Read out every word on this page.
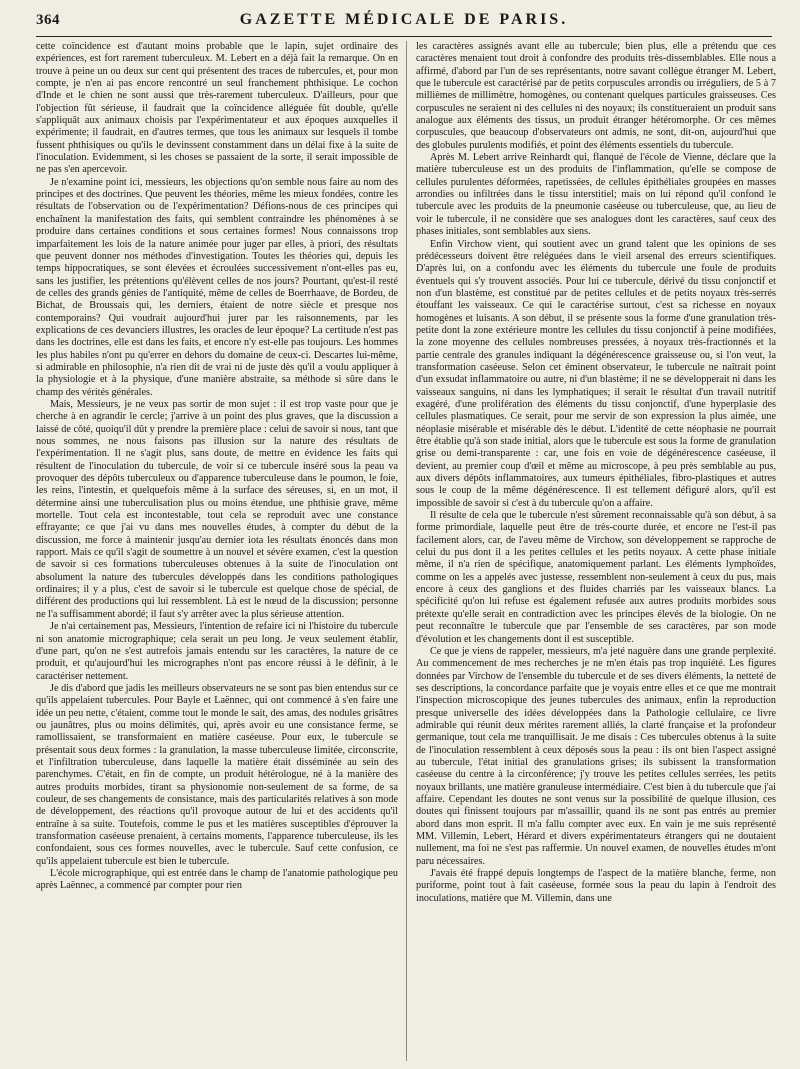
364	GAZETTE MÉDICALE DE PARIS.

cette coïncidence est d'autant moins probable que le lapin, sujet ordinaire des expériences, est fort rarement tuberculeux. M. Lebert en a déjà fait la remarque. On en trouve à peine un ou deux sur cent qui présentent des traces de tubercules, et, pour mon compte, je n'en ai pas encore rencontré un seul franchement phthisique. Le cochon d'Inde et le chien ne sont aussi que très-rarement tuberculeux. D'ailleurs, pour que l'objection fût sérieuse, il faudrait que la coïncidence alléguée fût double, qu'elle s'appliquât aux animaux choisis par l'expérimentateur et aux époques auxquelles il expérimente; il faudrait, en d'autres termes, que tous les animaux sur lesquels il tombe fussent phthisiques ou qu'ils le devinssent constamment dans un délai fixe à la suite de l'inoculation. Evidemment, si les choses se passaient de la sorte, il serait impossible de ne pas s'en apercevoir.

Je n'examine point ici, messieurs, les objections qu'on semble nous faire au nom des principes et des doctrines. Que peuvent les théories, même les mieux fondées, contre les résultats de l'observation ou de l'expérimentation? Défions-nous de ces principes qui enchaînent la manifestation des faits, qui semblent contraindre les phénomènes à se produire dans certaines conditions et sous certaines formes! Nous connaissons trop imparfaitement les lois de la nature animée pour juger par elles, à priori, des résultats que peuvent donner nos méthodes d'investigation. Toutes les théories qui, depuis les temps hippocratiques, se sont élevées et écroulées successivement n'ont-elles pas eu, sans les justifier, les prétentions qu'élèvent celles de nos jours? Pourtant, qu'est-il resté de celles des grands génies de l'antiquité, même de celles de Boerrhaave, de Bordeu, de Bichat, de Broussais qui, les derniers, étaient de notre siècle et presque nos contemporains? Qui voudrait aujourd'hui jurer par les raisonnements, par les explications de ces devanciers illustres, les oracles de leur époque? La certitude n'est pas dans les doctrines, elle est dans les faits, et encore n'y est-elle pas toujours. Les hommes les plus habiles n'ont pu qu'errer en dehors du domaine de ceux-ci. Descartes lui-même, si admirable en philosophie, n'a rien dit de vrai ni de juste dès qu'il a voulu appliquer à la physiologie et à la physique, d'une manière abstraite, sa méthode si sûre dans le champ des vérités générales.

Mais, Messieurs, je ne veux pas sortir de mon sujet : il est trop vaste pour que je cherche à en agrandir le cercle; j'arrive à un point des plus graves, que la discussion a laissé de côté, quoiqu'il dût y prendre la première place : celui de savoir si nous, tant que nous sommes, ne nous faisons pas illusion sur la nature des résultats de l'expérimentation. Il ne s'agit plus, sans doute, de mettre en évidence les faits qui résultent de l'inoculation du tubercule, de voir si ce tubercule inséré sous la peau va provoquer des dépôts tuberculeux ou d'apparence tuberculeuse dans le poumon, le foie, les reins, l'intestin, et quelquefois même à la surface des séreuses, si, en un mot, il détermine ainsi une tuberculisation plus ou moins étendue, une phthisie grave, même mortelle. Tout cela est incontestable, tout cela se reproduit avec une constance effrayante; ce que j'ai vu dans mes nouvelles études, à compter du début de la discussion, me force à maintenir jusqu'au dernier iota les résultats énoncés dans mon rapport. Mais ce qu'il s'agit de soumettre à un nouvel et sévère examen, c'est la question de savoir si ces formations tuberculeuses obtenues à la suite de l'inoculation ont absolument la nature des tubercules développés dans les conditions pathologiques ordinaires; il y a plus, c'est de savoir si le tubercule est quelque chose de spécial, de différent des productions qui lui ressemblent. Là est le nœud de la discussion; personne ne l'a suffisamment abordé; il faut s'y arrêter avec la plus sérieuse attention.

Je n'ai certainement pas, Messieurs, l'intention de refaire ici ni l'histoire du tubercule ni son anatomie micrographique; cela serait un peu long. Je veux seulement établir, d'une part, qu'on ne s'est autrefois jamais entendu sur les caractères, la nature de ce produit, et qu'aujourd'hui les micrographes n'ont pas encore réussi à le définir, à le caractériser nettement.

Je dis d'abord que jadis les meilleurs observateurs ne se sont pas bien entendus sur ce qu'ils appelaient tubercules. Pour Bayle et Laënnec, qui ont commencé à s'en faire une idée un peu nette, c'étaient, comme tout le monde le sait, des amas, des nodules grisâtres ou jaunâtres, plus ou moins délimités, qui, après avoir eu une consistance ferme, se ramollissaient, se transformaient en matière caséeuse. Pour eux, le tubercule se présentait sous deux formes : la granulation, la masse tuberculeuse limitée, circonscrite, et l'infiltration tuberculeuse, dans laquelle la matière était disséminée au sein des parenchymes. C'était, en fin de compte, un produit hétérologue, né à la manière des autres produits morbides, tirant sa physionomie non-seulement de sa forme, de sa couleur, de ses changements de consistance, mais des particularités relatives à son mode de développement, des réactions qu'il provoque autour de lui et des accidents qu'il entraîne à sa suite. Toutefois, comme le pus et les matières susceptibles d'éprouver la transformation caséeuse prenaient, à certains moments, l'apparence tuberculeuse, ils les confondaient, sous ces formes nouvelles, avec le tubercule. Sauf cette confusion, ce qu'ils appelaient tubercule est bien le tubercule.

L'école micrographique, qui est entrée dans le champ de l'anatomie pathologique peu après Laënnec, a commencé par compter pour rien

les caractères assignés avant elle au tubercule; bien plus, elle a prétendu que ces caractères menaient tout droit à confondre des produits très-dissemblables. Elle nous a affirmé, d'abord par l'un de ses représentants, notre savant collègue étranger M. Lebert, que le tubercule est caractérisé par de petits corpuscules arrondis ou irréguliers, de 5 à 7 millièmes de millimètre, homogènes, ou contenant quelques particules graisseuses. Ces corpuscules ne seraient ni des cellules ni des noyaux; ils constitueraient un produit sans analogue aux éléments des tissus, un produit étranger hétéromorphe. Or ces mêmes corpuscules, que beaucoup d'observateurs ont admis, ne sont, dit-on, aujourd'hui que des globules purulents modifiés, et point des éléments essentiels du tubercule.

Après M. Lebert arrive Reinhardt qui, flanqué de l'école de Vienne, déclare que la matière tuberculeuse est un des produits de l'inflammation, qu'elle se compose de cellules purulentes déformées, rapetissées, de cellules épithéliales groupées en masses arrondies ou infiltrées dans le tissu interstitiel; mais on lui répond qu'il confond le tubercule avec les produits de la pneumonie caséeuse ou tuberculeuse, que, au lieu de voir le tubercule, il ne considère que ses analogues dont les caractères, sauf ceux des phases initiales, sont semblables aux siens.

Enfin Virchow vient, qui soutient avec un grand talent que les opinions de ses prédécesseurs doivent être reléguées dans le vieil arsenal des erreurs scientifiques. D'après lui, on a confondu avec les éléments du tubercule une foule de produits éventuels qui s'y trouvent associés. Pour lui ce tubercule, dérivé du tissu conjonctif et non d'un blastème, est constitué par de petites cellules et de petits noyaux très-serrés étouffant les vaisseaux. Ce qui le caractérise surtout, c'est sa richesse en noyaux homogènes et luisants. A son début, il se présente sous la forme d'une granulation très-petite dont la zone extérieure montre les cellules du tissu conjonctif à peine modifiées, la zone moyenne des cellules nombreuses pressées, à noyaux très-fractionnés et la partie centrale des granules indiquant la dégénérescence graisseuse ou, si l'on veut, la transformation caséeuse. Selon cet éminent observateur, le tubercule ne naîtrait point d'un exsudat inflammatoire ou autre, ni d'un blastème; il ne se développerait ni dans les vaisseaux sanguins, ni dans les lymphatiques; il serait le résultat d'un travail nutritif exagéré, d'une prolifération des éléments du tissu conjonctif, d'une hyperplasie des cellules plasmatiques. Ce serait, pour me servir de son expression la plus aimée, une néoplasie misérable et misérable dès le début. L'identité de cette néophasie ne pourrait être établie qu'à son stade initial, alors que le tubercule est sous la forme de granulation grise ou demi-transparente : car, une fois en voie de dégénérescence caséeuse, il devient, au premier coup d'œil et même au microscope, à peu près semblable au pus, aux divers dépôts inflammatoires, aux tumeurs épithéliales, fibro-plastiques et autres sous le coup de la même dégénérescence. Il est tellement défiguré alors, qu'il est impossible de savoir si c'est à du tubercule qu'on a affaire.

Il résulte de cela que le tubercule n'est sûrement reconnaissable qu'à son début, à sa forme primordiale, laquelle peut être de très-courte durée, et encore ne l'est-il pas facilement alors, car, de l'aveu même de Virchow, son développement se rapproche de celui du pus dont il a les petites cellules et les petits noyaux. A cette phase initiale même, il n'a rien de spécifique, anatomiquement parlant. Les éléments lymphoïdes, comme on les a appelés avec justesse, ressemblent non-seulement à ceux du pus, mais encore à ceux des ganglions et des fluides charriés par les vaisseaux blancs. La spécificité qu'on lui refuse est également refusée aux autres produits morbides sous prétexte qu'elle serait en contradiction avec les principes élevés de la biologie. On ne peut reconnaître le tubercule que par l'ensemble de ses caractères, par son mode d'évolution et les changements dont il est susceptible.

Ce que je viens de rappeler, messieurs, m'a jeté naguère dans une grande perplexité. Au commencement de mes recherches je ne m'en étais pas trop inquiété. Les figures données par Virchow de l'ensemble du tubercule et de ses divers éléments, la netteté de ses descriptions, la concordance parfaite que je voyais entre elles et ce que me montrait l'inspection microscopique des jeunes tubercules des animaux, enfin la reproduction presque universelle des idées développées dans la Pathologie cellulaire, ce livre admirable qui réunit deux mérites rarement alliés, la clarté française et la profondeur germanique, tout cela me tranquillisait. Je me disais : Ces tubercules obtenus à la suite de l'inoculation ressemblent à ceux déposés sous la peau : ils ont bien l'aspect assigné au tubercule, l'état initial des granulations grises; ils subissent la transformation caséeuse du centre à la circonférence; j'y trouve les petites cellules serrées, les petits noyaux brillants, une matière granuleuse intermédiaire. C'est bien à du tubercule que j'ai affaire. Cependant les doutes ne sont venus sur la possibilité de quelque illusion, ces doutes qui finissent toujours par m'assaillir, quand ils ne sont pas entrés au premier abord dans mon esprit. Il m'a fallu compter avec eux. En vain je me suis représenté MM. Villemin, Lebert, Hérard et divers expérimentateurs étrangers qui ne doutaient nullement, ma foi ne s'est pas raffermie. Un nouvel examen, de nouvelles études m'ont paru nécessaires.

J'avais été frappé depuis longtemps de l'aspect de la matière blanche, ferme, non puriforme, point tout à fait caséeuse, formée sous la peau du lapin à l'endroit des inoculations, matière que M. Villemin, dans une
